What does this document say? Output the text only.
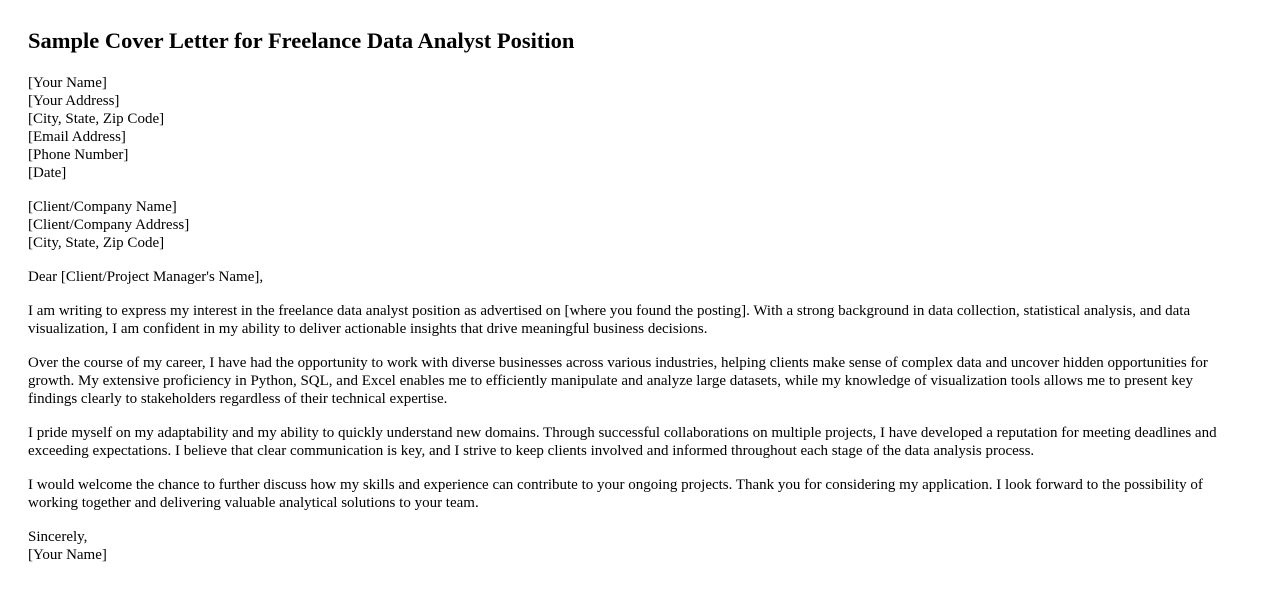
Sample Cover Letter for Freelance Data Analyst Position
[Your Name]
[Your Address]
[City, State, Zip Code]
[Email Address]
[Phone Number]
[Date]
[Client/Company Name]
[Client/Company Address]
[City, State, Zip Code]

Dear [Client/Project Manager's Name],

I am writing to express my interest in the freelance data analyst position as advertised on [where you found the posting]. With a strong background in data collection, statistical analysis, and data visualization, I am confident in my ability to deliver actionable insights that drive meaningful business decisions.

Over the course of my career, I have had the opportunity to work with diverse businesses across various industries, helping clients make sense of complex data and uncover hidden opportunities for growth. My extensive proficiency in Python, SQL, and Excel enables me to efficiently manipulate and analyze large datasets, while my knowledge of visualization tools allows me to present key findings clearly to stakeholders regardless of their technical expertise.

I pride myself on my adaptability and my ability to quickly understand new domains. Through successful collaborations on multiple projects, I have developed a reputation for meeting deadlines and exceeding expectations. I believe that clear communication is key, and I strive to keep clients involved and informed throughout each stage of the data analysis process.

I would welcome the chance to further discuss how my skills and experience can contribute to your ongoing projects. Thank you for considering my application. I look forward to the possibility of working together and delivering valuable analytical solutions to your team.

Sincerely,
[Your Name]
